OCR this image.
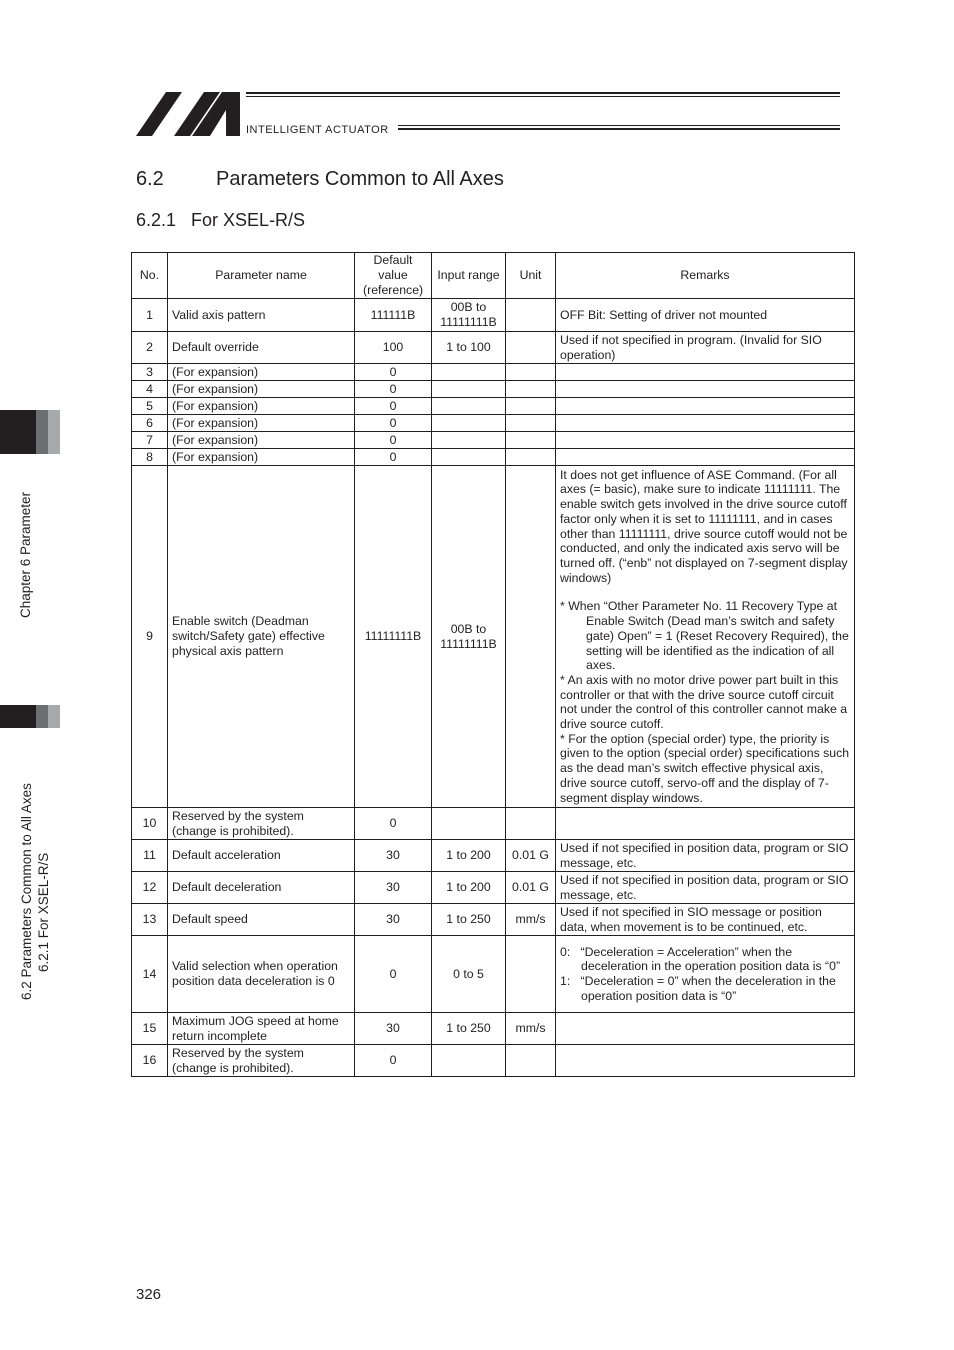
INTELLIGENT ACTUATOR
6.2	Parameters Common to All Axes
6.2.1   For XSEL-R/S
Chapter 6 Parameter
6.2 Parameters Common to All Axes 6.2.1 For XSEL-R/S
No.	Parameter name	Default value (reference)	Input range	Unit	Remarks
1	Valid axis pattern	111111B	00B to 11111111B		OFF Bit: Setting of driver not mounted
2	Default override	100	1 to 100		Used if not specified in program. (Invalid for SIO operation)
3	(For expansion)	0			
4	(For expansion)	0			
5	(For expansion)	0			
6	(For expansion)	0			
7	(For expansion)	0			
8	(For expansion)	0			
9	Enable switch (Deadman switch/Safety gate) effective physical axis pattern	11111111B	00B to 11111111B		It does not get influence of ASE Command. (For all axes (= basic), make sure to indicate 11111111. The enable switch gets involved in the drive source cutoff factor only when it is set to 11111111, and in cases other than 11111111, drive source cutoff would not be conducted, and only the indicated axis servo will be turned off. (“enb” not displayed on 7-segment display windows)
* When “Other Parameter No. 11 Recovery Type at Enable Switch (Dead man’s switch and safety gate) Open” = 1 (Reset Recovery Required), the setting will be identified as the indication of all axes.
* An axis with no motor drive power part built in this controller or that with the drive source cutoff circuit not under the control of this controller cannot make a drive source cutoff.
* For the option (special order) type, the priority is given to the option (special order) specifications such as the dead man’s switch effective physical axis, drive source cutoff, servo-off and the display of 7-segment display windows.

10	Reserved by the system (change is prohibited).	0			
11	Default acceleration	30	1 to 200	0.01 G	Used if not specified in position data, program or SIO message, etc.
12	Default deceleration	30	1 to 200	0.01 G	Used if not specified in position data, program or SIO message, etc.
13	Default speed	30	1 to 250	mm/s	Used if not specified in SIO message or position data, when movement is to be continued, etc.
14	Valid selection when operation position data deceleration is 0	0	0 to 5		0:   “Deceleration = Acceleration” when the deceleration in the operation position data is “0”
1:   “Deceleration = 0” when the deceleration in the operation position data is “0”

15	Maximum JOG speed at home return incomplete	30	1 to 250	mm/s	
16	Reserved by the system (change is prohibited).	0			
326
